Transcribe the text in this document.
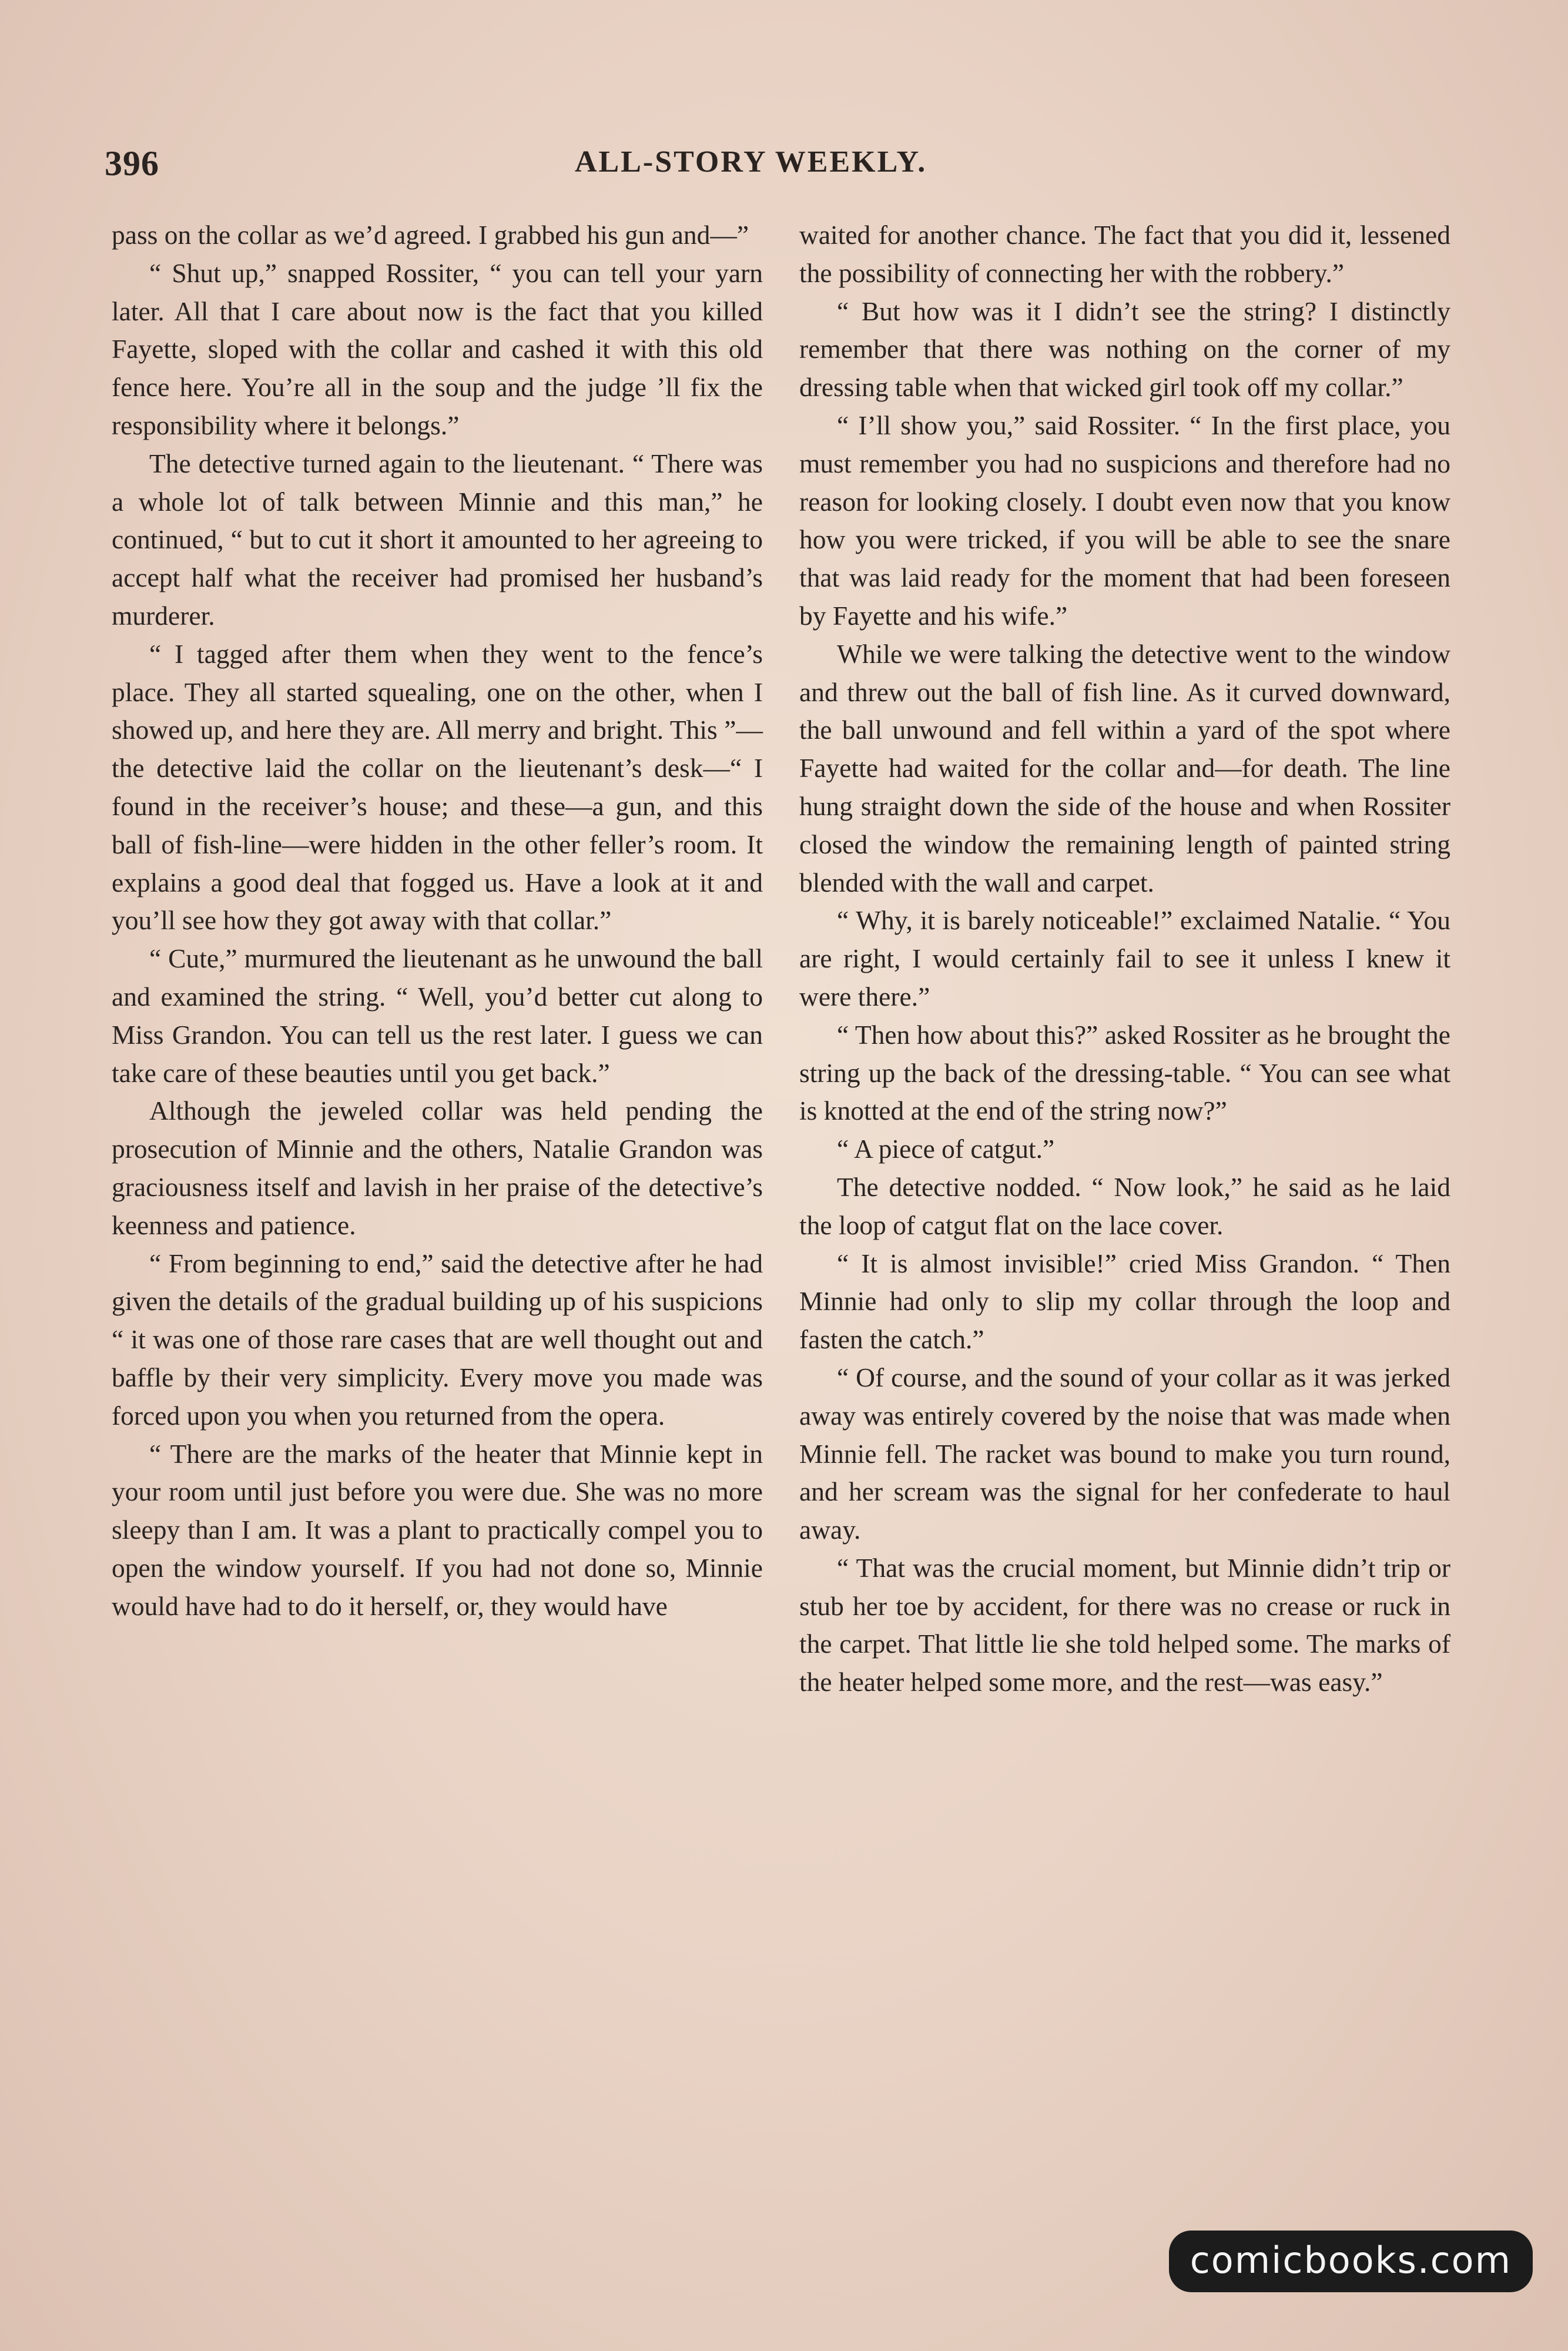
396	ALL-STORY WEEKLY.

pass on the collar as we’d agreed. I grabbed his gun and—”

“ Shut up,” snapped Rossiter, “ you can tell your yarn later. All that I care about now is the fact that you killed Fayette, sloped with the collar and cashed it with this old fence here. You’re all in the soup and the judge ’ll fix the responsibility where it belongs.”

The detective turned again to the lieutenant. “ There was a whole lot of talk between Minnie and this man,” he continued, “ but to cut it short it amounted to her agreeing to accept half what the receiver had promised her husband’s murderer.

“ I tagged after them when they went to the fence’s place. They all started squealing, one on the other, when I showed up, and here they are. All merry and bright. This ”—the detective laid the collar on the lieutenant’s desk—“ I found in the receiver’s house; and these—a gun, and this ball of fish-line—were hidden in the other feller’s room. It explains a good deal that fogged us. Have a look at it and you’ll see how they got away with that collar.”

“ Cute,” murmured the lieutenant as he unwound the ball and examined the string. “ Well, you’d better cut along to Miss Grandon. You can tell us the rest later. I guess we can take care of these beauties until you get back.”

Although the jeweled collar was held pending the prosecution of Minnie and the others, Natalie Grandon was graciousness itself and lavish in her praise of the detective’s keenness and patience.

“ From beginning to end,” said the detective after he had given the details of the gradual building up of his suspicions “ it was one of those rare cases that are well thought out and baffle by their very simplicity. Every move you made was forced upon you when you returned from the opera.

“ There are the marks of the heater that Minnie kept in your room until just before you were due. She was no more sleepy than I am. It was a plant to practically compel you to open the window yourself. If you had not done so, Minnie would have had to do it herself, or, they would have

waited for another chance. The fact that you did it, lessened the possibility of connecting her with the robbery.”

“ But how was it I didn’t see the string? I distinctly remember that there was nothing on the corner of my dressing table when that wicked girl took off my collar.”

“ I’ll show you,” said Rossiter. “ In the first place, you must remember you had no suspicions and therefore had no reason for looking closely. I doubt even now that you know how you were tricked, if you will be able to see the snare that was laid ready for the moment that had been foreseen by Fayette and his wife.”

While we were talking the detective went to the window and threw out the ball of fish line. As it curved downward, the ball unwound and fell within a yard of the spot where Fayette had waited for the collar and—for death. The line hung straight down the side of the house and when Rossiter closed the window the remaining length of painted string blended with the wall and carpet.

“ Why, it is barely noticeable!” exclaimed Natalie. “ You are right, I would certainly fail to see it unless I knew it were there.”

“ Then how about this?” asked Rossiter as he brought the string up the back of the dressing-table. “ You can see what is knotted at the end of the string now?”

“ A piece of catgut.”

The detective nodded. “ Now look,” he said as he laid the loop of catgut flat on the lace cover.

“ It is almost invisible!” cried Miss Grandon. “ Then Minnie had only to slip my collar through the loop and fasten the catch.”

“ Of course, and the sound of your collar as it was jerked away was entirely covered by the noise that was made when Minnie fell. The racket was bound to make you turn round, and her scream was the signal for her confederate to haul away.

“ That was the crucial moment, but Minnie didn’t trip or stub her toe by accident, for there was no crease or ruck in the carpet. That little lie she told helped some. The marks of the heater helped some more, and the rest—was easy.”

comicbooks.com
